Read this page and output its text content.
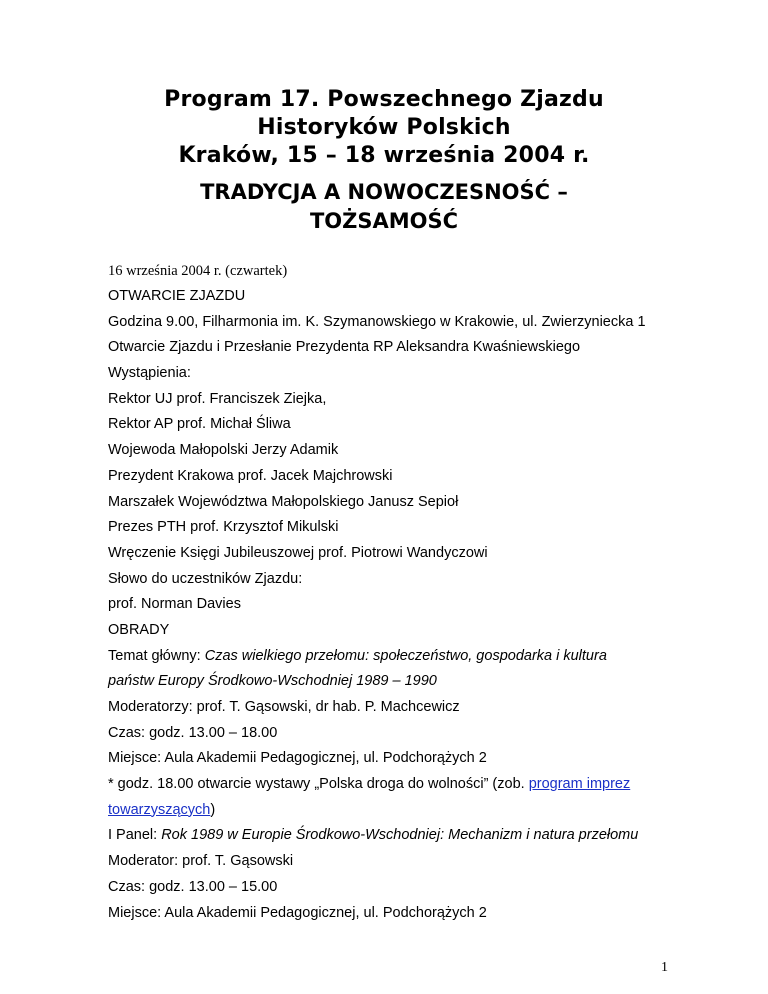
Program 17. Powszechnego Zjazdu
Historyków Polskich
Kraków, 15 – 18 września 2004 r.
TRADYCJA A NOWOCZESNOŚĆ –
TOŻSAMOŚĆ
16 września 2004 r. (czwartek)
OTWARCIE ZJAZDU
Godzina 9.00, Filharmonia im. K. Szymanowskiego w Krakowie, ul. Zwierzyniecka 1
Otwarcie Zjazdu i Przesłanie Prezydenta RP Aleksandra Kwaśniewskiego
Wystąpienia:
Rektor UJ prof. Franciszek Ziejka,
Rektor AP prof. Michał Śliwa
Wojewoda Małopolski Jerzy Adamik
Prezydent Krakowa prof. Jacek Majchrowski
Marszałek Województwa Małopolskiego Janusz Sepioł
Prezes PTH prof. Krzysztof Mikulski
Wręczenie Księgi Jubileuszowej prof. Piotrowi Wandyczowi
Słowo do uczestników Zjazdu:
prof. Norman Davies
OBRADY
Temat główny: Czas wielkiego przełomu: społeczeństwo, gospodarka i kultura
państw Europy Środkowo-Wschodniej 1989 – 1990
Moderatorzy: prof. T. Gąsowski, dr hab. P. Machcewicz
Czas: godz. 13.00 – 18.00
Miejsce: Aula Akademii Pedagogicznej, ul. Podchorążych 2
* godz. 18.00 otwarcie wystawy „Polska droga do wolności” (zob. program imprez
towarzyszących)
I Panel: Rok 1989 w Europie Środkowo-Wschodniej: Mechanizm i natura przełomu
Moderator: prof. T. Gąsowski
Czas: godz. 13.00 – 15.00
Miejsce: Aula Akademii Pedagogicznej, ul. Podchorążych 2
1
